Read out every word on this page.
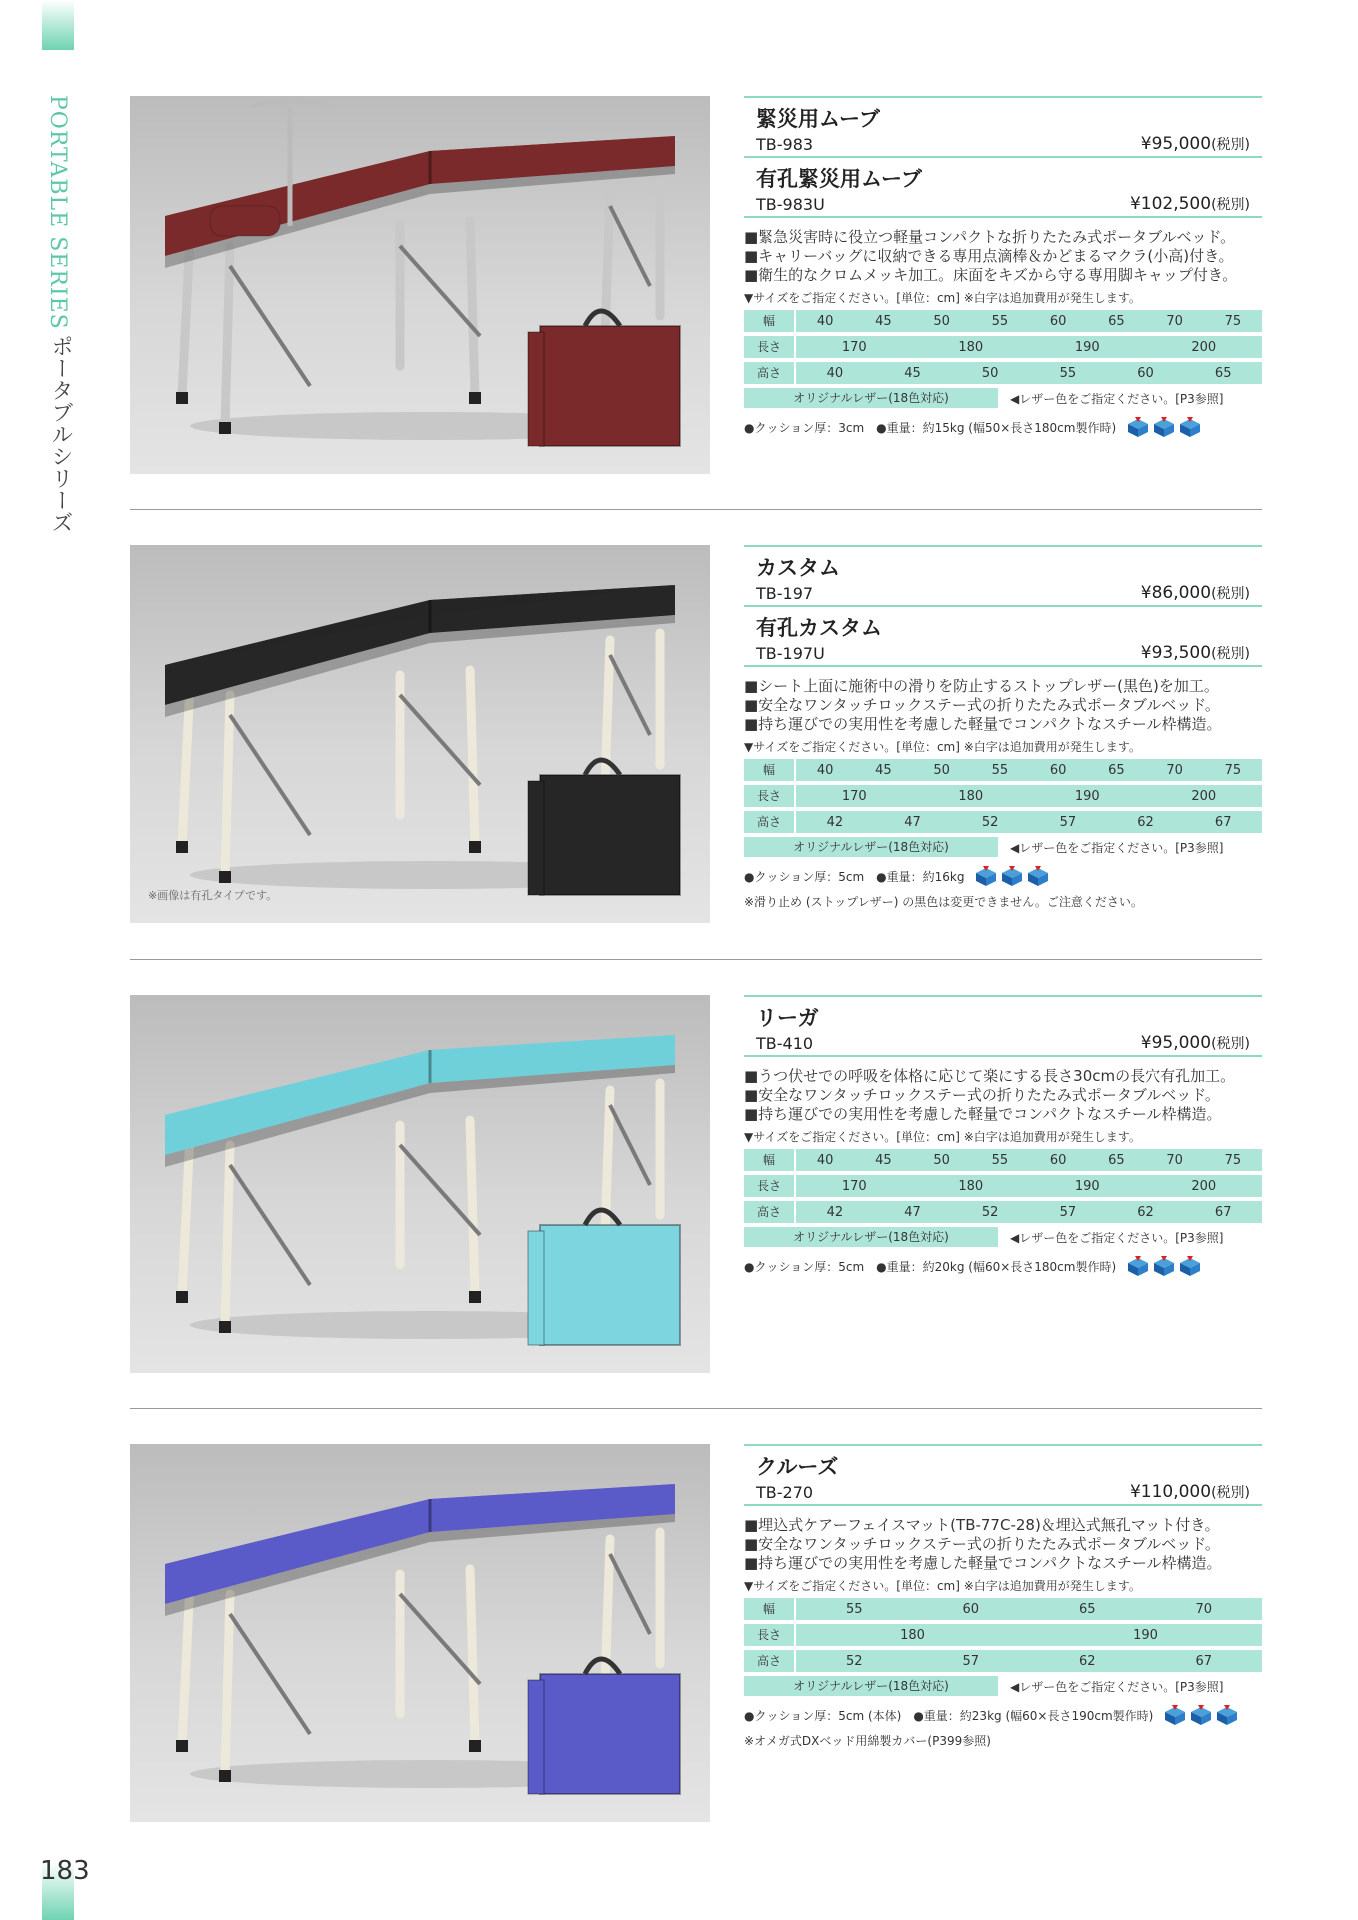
PORTABLE SERIES
ポータブルシリーズ
183
緊災用ムーブ
TB-983	¥95,000(税別)
有孔緊災用ムーブ
TB-983U	¥102,500(税別)
■緊急災害時に役立つ軽量コンパクトな折りたたみ式ポータブルベッド。
■キャリーバッグに収納できる専用点滴棒＆かどまるマクラ(小高)付き。
■衛生的なクロムメッキ加工。床面をキズから守る専用脚キャップ付き。
▼サイズをご指定ください。[単位：cm] ※白字は追加費用が発生します。
幅	40	45	50	55	60	65	70	75
長さ	170	180	190	200
高さ	40	45	50	55	60	65
オリジナルレザー(18色対応)	◀レザー色をご指定ください。[P3参照]
●クッション厚：3cm　●重量：約15kg (幅50×長さ180cm製作時)
※画像は有孔タイプです。
カスタム
TB-197	¥86,000(税別)
有孔カスタム
TB-197U	¥93,500(税別)
■シート上面に施術中の滑りを防止するストップレザー(黒色)を加工。
■安全なワンタッチロックステー式の折りたたみ式ポータブルベッド。
■持ち運びでの実用性を考慮した軽量でコンパクトなスチール枠構造。
▼サイズをご指定ください。[単位：cm] ※白字は追加費用が発生します。
幅	40	45	50	55	60	65	70	75
長さ	170	180	190	200
高さ	42	47	52	57	62	67
オリジナルレザー(18色対応)	◀レザー色をご指定ください。[P3参照]
●クッション厚：5cm　●重量：約16kg
※滑り止め (ストップレザー) の黒色は変更できません。ご注意ください。
リーガ
TB-410	¥95,000(税別)
■うつ伏せでの呼吸を体格に応じて楽にする長さ30cmの長穴有孔加工。
■安全なワンタッチロックステー式の折りたたみ式ポータブルベッド。
■持ち運びでの実用性を考慮した軽量でコンパクトなスチール枠構造。
▼サイズをご指定ください。[単位：cm] ※白字は追加費用が発生します。
幅	40	45	50	55	60	65	70	75
長さ	170	180	190	200
高さ	42	47	52	57	62	67
オリジナルレザー(18色対応)	◀レザー色をご指定ください。[P3参照]
●クッション厚：5cm　●重量：約20kg (幅60×長さ180cm製作時)
クルーズ
TB-270	¥110,000(税別)
■埋込式ケアーフェイスマット(TB-77C-28)＆埋込式無孔マット付き。
■安全なワンタッチロックステー式の折りたたみ式ポータブルベッド。
■持ち運びでの実用性を考慮した軽量でコンパクトなスチール枠構造。
▼サイズをご指定ください。[単位：cm] ※白字は追加費用が発生します。
幅	55	60	65	70
長さ	180	190
高さ	52	57	62	67
オリジナルレザー(18色対応)	◀レザー色をご指定ください。[P3参照]
●クッション厚：5cm (本体)　●重量：約23kg (幅60×長さ190cm製作時)
※オメガ式DXベッド用綿製カバー(P399参照)
